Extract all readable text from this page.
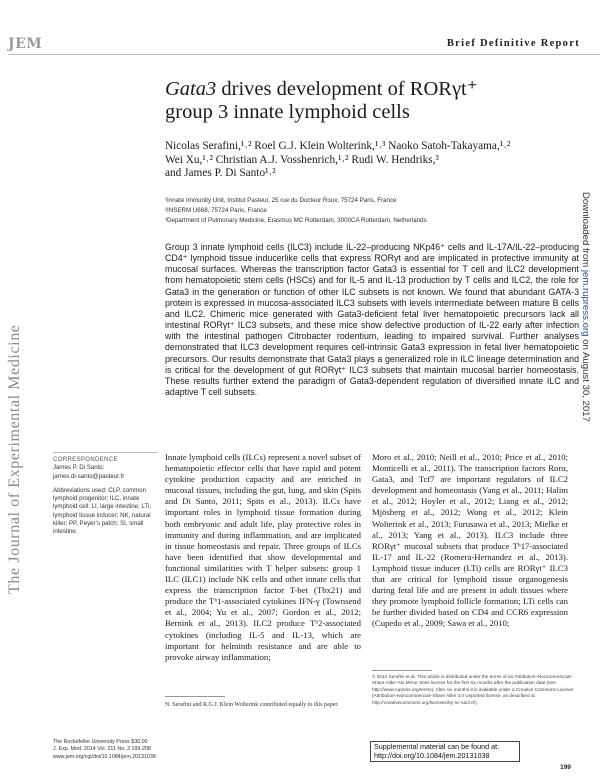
JEM	Brief Definitive Report
The Journal of Experimental Medicine
Downloaded from jem.rupress.org on August 30, 2017
Gata3 drives development of RORγt⁺
group 3 innate lymphoid cells
Nicolas Serafini,¹˒² Roel G.J. Klein Wolterink,¹˒³ Naoko Satoh-Takayama,¹˒²
Wei Xu,¹˒² Christian A.J. Vosshenrich,¹˒² Rudi W. Hendriks,³
and James P. Di Santo¹˒²
¹Innate Immunity Unit, Institut Pasteur, 25 rue du Docteur Roux, 75724 Paris, France
²INSERM U668, 75724 Paris, France
³Department of Pulmonary Medicine, Erasmus MC Rotterdam, 3000CA Rotterdam, Netherlands
Group 3 innate lymphoid cells (ILC3) include IL-22–producing NKp46⁺ cells and IL-17A/IL-22–producing CD4⁺ lymphoid tissue inducerlike cells that express RORγt and are implicated in protective immunity at mucosal surfaces. Whereas the transcription factor Gata3 is essential for T cell and ILC2 development from hematopoietic stem cells (HSCs) and for IL-5 and IL-13 production by T cells and ILC2, the role for Gata3 in the generation or function of other ILC subsets is not known. We found that abundant GATA-3 protein is expressed in mucosa-associated ILC3 subsets with levels intermediate between mature B cells and ILC2. Chimeric mice generated with Gata3-deficient fetal liver hematopoietic precursors lack all intestinal RORγt⁺ ILC3 subsets, and these mice show defective production of IL-22 early after infection with the intestinal pathogen Citrobacter rodentium, leading to impaired survival. Further analyses demonstrated that ILC3 development requires cell-intrinsic Gata3 expression in fetal liver hematopoietic precursors. Our results demonstrate that Gata3 plays a generalized role in ILC lineage determination and is critical for the development of gut RORγt⁺ ILC3 subsets that maintain mucosal barrier homeostasis. These results further extend the paradigm of Gata3-dependent regulation of diversified innate ILC and adaptive T cell subsets.
CORRESPONDENCE
James P. Di Santo:
james.di-santo@pasteur.fr
Abbreviations used: CLP, common lymphoid progenitor; ILC, innate lymphoid cell; LI, large intestine; LTi, lymphoid tissue inducer; NK, natural killer; PP, Peyer’s patch; SI, small intestine.
Innate lymphoid cells (ILCs) represent a novel subset of hematopoietic effector cells that have rapid and potent cytokine production capacity and are enriched in mucosal tissues, including the gut, lung, and skin (Spits and Di Santo, 2011; Spits et al., 2013). ILCs have important roles in lymphoid tissue formation during both embryonic and adult life, play protective roles in immunity and during inflammation, and are implicated in tissue homeostasis and repair. Three groups of ILCs have been identified that show developmental and functional similarities with T helper subsets: group 1 ILC (ILC1) include NK cells and other innate cells that express the transcription factor T-bet (Tbx21) and produce the Tʰ1-associated cytokines IFN-γ (Townsend et al., 2004; Yu et al., 2007; Gordon et al., 2012; Bernink et al., 2013). ILC2 produce Tʰ2-associated cytokines (including IL-5 and IL-13, which are important for helminth resistance and are able to provoke airway inflammation;
Moro et al., 2010; Neill et al., 2010; Price et al., 2010; Monticelli et al., 2011). The transcription factors Rorα, Gata3, and Tcf7 are important regulators of ILC2 development and homeostasis (Yang et al., 2011; Halim et al., 2012; Hoyler et al., 2012; Liang et al., 2012; Mjösberg et al., 2012; Wong et al., 2012; Klein Wolterink et al., 2013; Furusawa et al., 2013; Mielke et al., 2013; Yang et al., 2013). ILC3 include three RORγt⁺ mucosal subsets that produce Tʰ17-associated IL-17 and IL-22 (Romera-Hernandez et al., 2013). Lymphoid tissue inducer (LTi) cells are RORγt⁺ ILC3 that are critical for lymphoid tissue organogenesis during fetal life and are present in adult tissues where they promote lymphoid follicle formation; LTi cells can be further divided based on CD4 and CCR6 expression (Cupedo et al., 2009; Sawa et al., 2010;
N. Serafini and R.G.J. Klein Wolterink contributed equally to this paper.
© 2014 Serafini et al. This article is distributed under the terms of an Attribution–Noncommercial–Share Alike–No Mirror Sites license for the first six months after the publication date (see http://www.rupress.org/terms). After six months it is available under a Creative Commons License (Attribution–Noncommercial–Share Alike 3.0 Unported license, as described at http://creativecommons.org/licenses/by-nc-sa/3.0/).
The Rockefeller University Press $30.00
J. Exp. Med. 2014 Vol. 211 No. 2 199-208
www.jem.org/cgi/doi/10.1084/jem.20131038
Supplemental material can be found at:
http://doi.org/10.1084/jem.20131038
199
